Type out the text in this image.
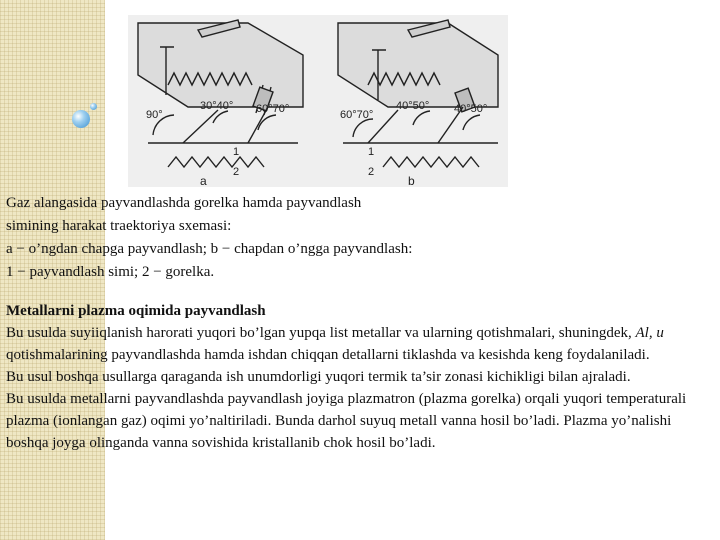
90°
30°40° 60°70°	60°70°
40°50° 40°50°
1
2
1
2
a	b
Gaz alangasida payvandlashda gorelka hamda payvandlash
simining harakat traektoriya sxemasi:
a − o’ngdan chapga payvandlash; b − chapdan o’ngga payvandlash:
1 − payvandlash simi; 2 − gorelka.

Metallarni plazma oqimida payvandlash

Bu usulda suyiiqlanish harorati yuqori bo’lgan yupqa list metallar va ularning qotishmalari, shuningdek, Al, u qotishmalarining payvandlashda hamda ishdan chiqqan detallarni tiklashda va kesishda keng foydalaniladi.

Bu usul boshqa usullarga qaraganda ish unumdorligi yuqori termik ta’sir zonasi kichikligi bilan ajraladi.

Bu usulda metallarni payvandlashda payvandlash joyiga plazmatron (plazma gorelka) orqali yuqori temperaturali plazma (ionlangan gaz) oqimi yo’naltiriladi. Bunda darhol suyuq metall vanna hosil bo’ladi. Plazma yo’nalishi boshqa joyga olinganda vanna sovishida kristallanib chok hosil bo’ladi.
